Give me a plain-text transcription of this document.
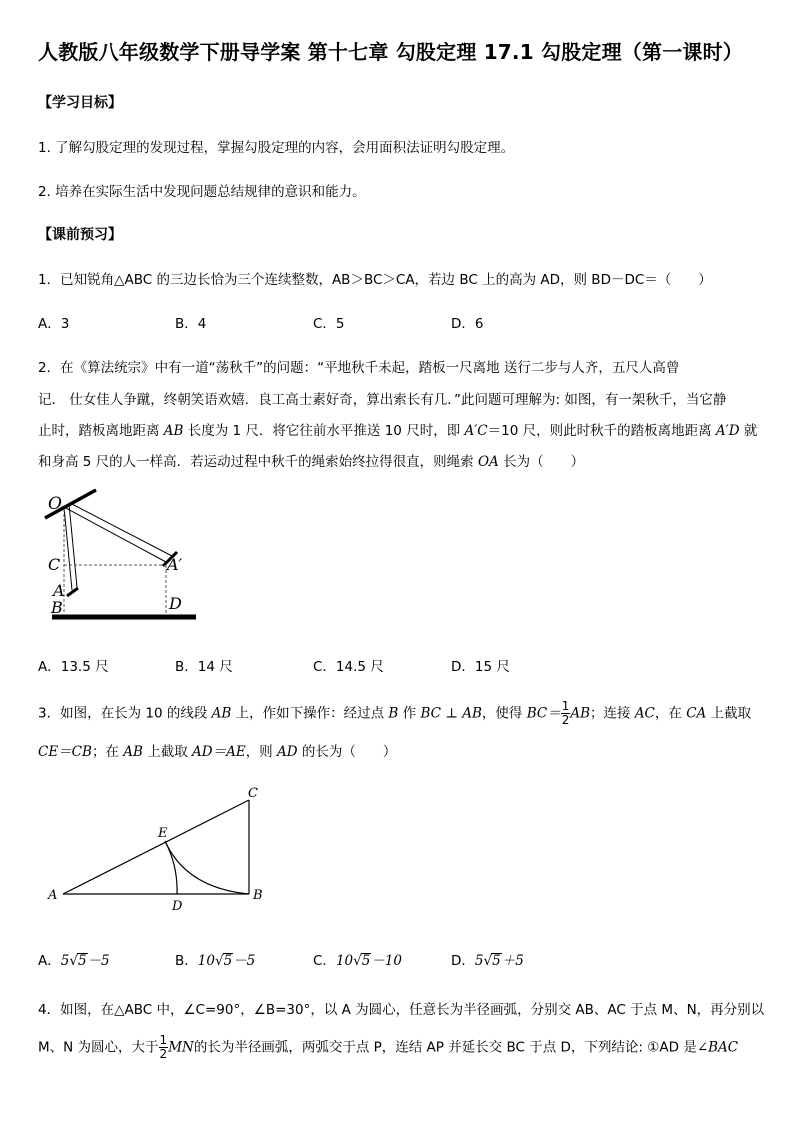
人教版八年级数学下册导学案 第十七章 勾股定理 17.1 勾股定理（第一课时）
【学习目标】
1. 了解勾股定理的发现过程，掌握勾股定理的内容，会用面积法证明勾股定理。
2. 培养在实际生活中发现问题总结规律的意识和能力。
【课前预习】
1．已知锐角△ABC 的三边长恰为三个连续整数，AB＞BC＞CA，若边 BC 上的高为 AD，则 BD－DC＝（　　）
A．3	B．4	C．5	D．6
2．在《算法统宗》中有一道“荡秋千”的问题：“平地秋千未起，踏板一尺离地 送行二步与人齐，五尺人高曾
记． 仕女佳人争蹴，终朝笑语欢嬉．良工高士素好奇，算出索长有几．”此问题可理解为: 如图，有一架秋千，当它静
止时，踏板离地距离 AB 长度为 1 尺．将它往前水平推送 10 尺时，即 A′C＝10 尺，则此时秋千的踏板离地距离 A′D 就
和身高 5 尺的人一样高．若运动过程中秋千的绳索始终拉得很直，则绳索 OA 长为（　　）
O
C	A′
A
B	D
A．13.5 尺	B．14 尺	C．14.5 尺	D．15 尺
3．如图，在长为 10 的线段 AB 上，作如下操作：经过点 B 作 BC ⊥ AB，使得 $BC= \frac{1}{2}$ AB；连接 AC，在 CA 上截取
CE＝CB；在 AB 上截取 AD＝AE，则 AD 的长为（　　）
C
E
A
D
B
A．5√5－5	B．10√5－5	C．10√5－10	D．5√5＋5
4．如图，在△ABC 中，∠C=90°，∠B=30°，以 A 为圆心，任意长为半径画弧，分别交 AB、AC 于点 M、N，再分别以
M、N 为圆心，大于 $\frac{1}{2}$ MN的长为半径画弧，两弧交于点 P，连结 AP 并延长交 BC 于点 D，下列结论: ①AD 是∠BAC
